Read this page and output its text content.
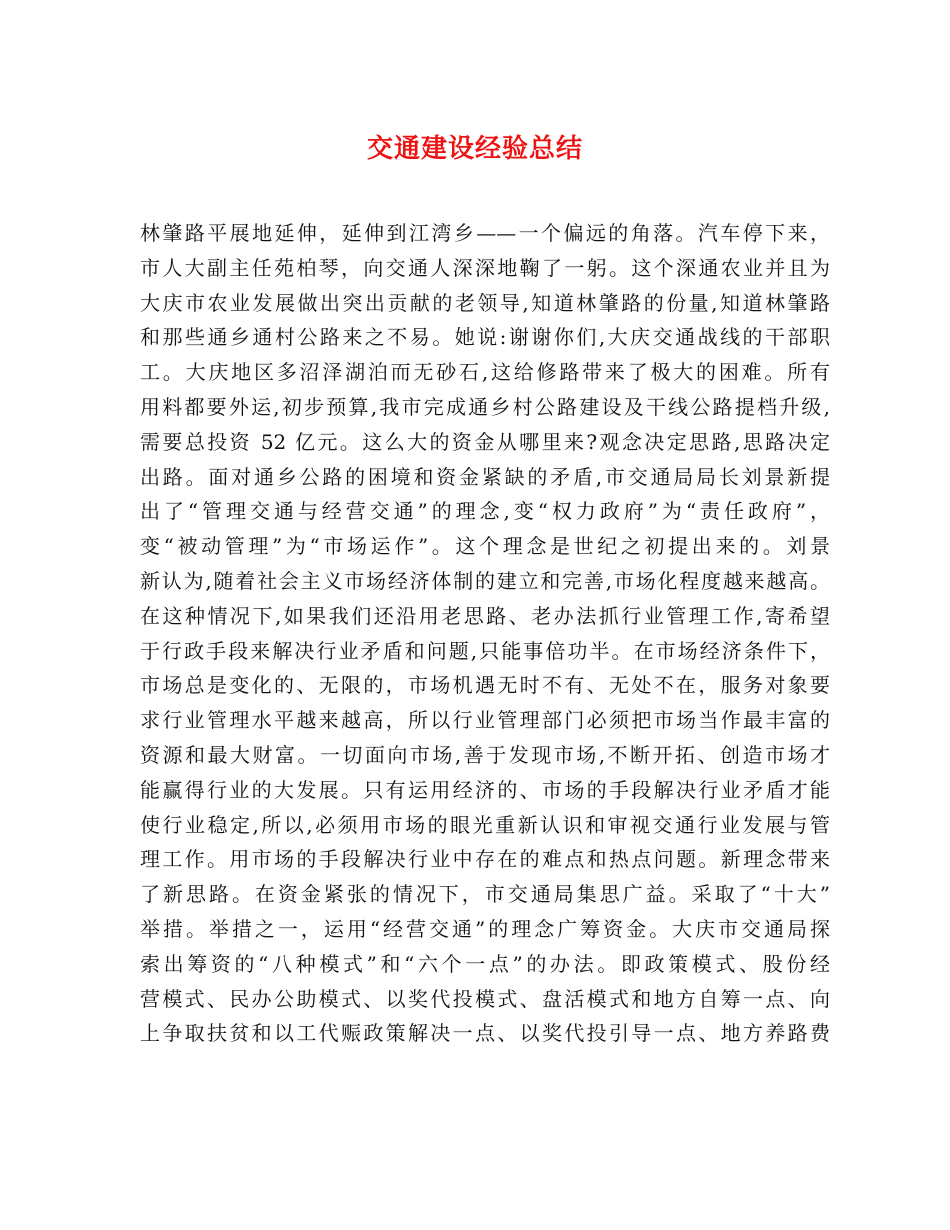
交通建设经验总结
林肇路平展地延伸，延伸到江湾乡——一个偏远的角落。汽车停下来，
市人大副主任苑柏琴，向交通人深深地鞠了一躬。这个深通农业并且为
大庆市农业发展做出突出贡献的老领导,知道林肇路的份量,知道林肇路
和那些通乡通村公路来之不易。她说:谢谢你们,大庆交通战线的干部职
工。大庆地区多沼泽湖泊而无砂石,这给修路带来了极大的困难。所有
用料都要外运,初步预算,我市完成通乡村公路建设及干线公路提档升级,
需要总投资 52 亿元。这么大的资金从哪里来?观念决定思路,思路决定
出路。面对通乡公路的困境和资金紧缺的矛盾,市交通局局长刘景新提
出了“管理交通与经营交通”的理念,变“权力政府”为“责任政府”，
变“被动管理”为“市场运作”。这个理念是世纪之初提出来的。刘景
新认为,随着社会主义市场经济体制的建立和完善,市场化程度越来越高。
在这种情况下,如果我们还沿用老思路、老办法抓行业管理工作,寄希望
于行政手段来解决行业矛盾和问题,只能事倍功半。在市场经济条件下，
市场总是变化的、无限的，市场机遇无时不有、无处不在，服务对象要
求行业管理水平越来越高，所以行业管理部门必须把市场当作最丰富的
资源和最大财富。一切面向市场,善于发现市场,不断开拓、创造市场才
能赢得行业的大发展。只有运用经济的、市场的手段解决行业矛盾才能
使行业稳定,所以,必须用市场的眼光重新认识和审视交通行业发展与管
理工作。用市场的手段解决行业中存在的难点和热点问题。新理念带来
了新思路。在资金紧张的情况下，市交通局集思广益。采取了“十大”
举措。举措之一，运用“经营交通”的理念广筹资金。大庆市交通局探
索出筹资的“八种模式”和“六个一点”的办法。即政策模式、股份经
营模式、民办公助模式、以奖代投模式、盘活模式和地方自筹一点、向
上争取扶贫和以工代赈政策解决一点、以奖代投引导一点、地方养路费
